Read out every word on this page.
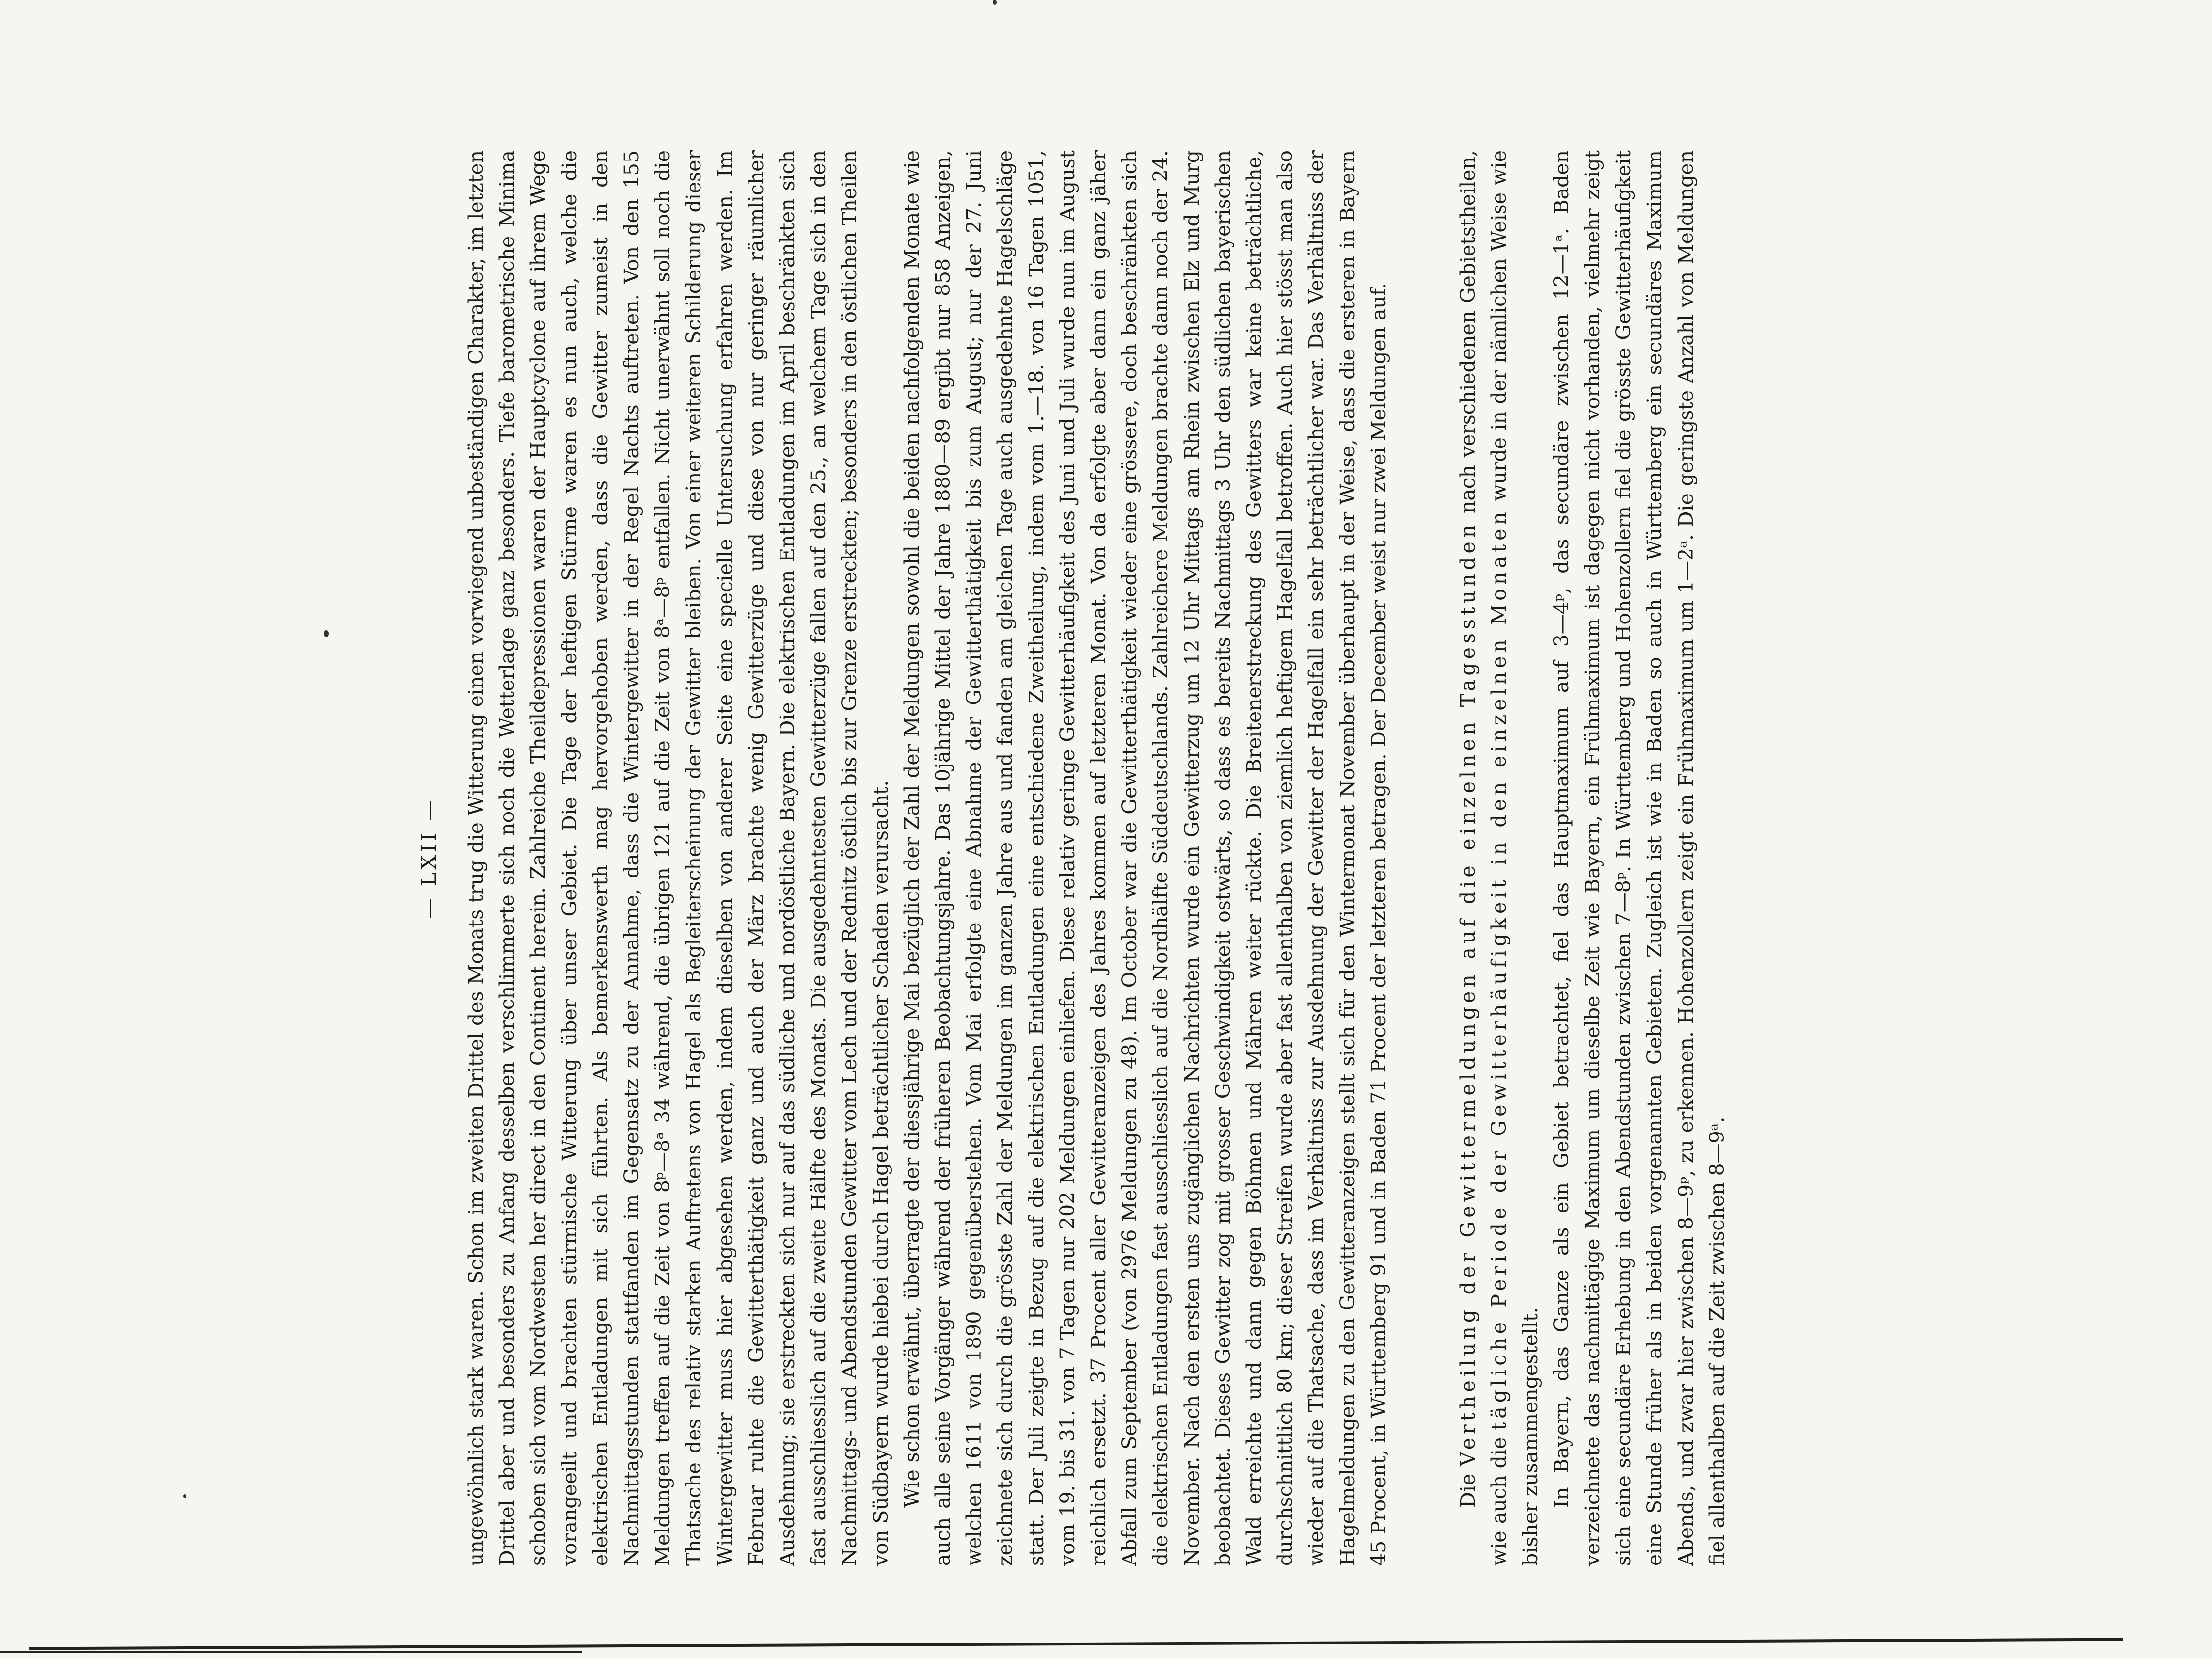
— LXII — ungewöhnlich stark waren. Schon im zweiten Drittel des Monats trug die Witterung einen vorwiegend unbeständigen Charakter, im letzten Drittel aber und besonders zu Anfang desselben verschlimmerte sich noch die Wetterlage ganz besonders. Tiefe barometrische Minima schoben sich vom Nordwesten her direct in den Continent herein. Zahlreiche Theildepressionen waren der Hauptcyclone auf ihrem Wege vorangeeilt und brachten stürmische Witterung über unser Gebiet. Die Tage der heftigen Stürme waren es nun auch, welche die elektrischen Entladungen mit sich führten. Als bemerkenswerth mag hervorgehoben werden, dass die Gewitter zumeist in den Nachmittagsstunden stattfanden im Gegensatz zu der Annahme, dass die Wintergewitter in der Regel Nachts auftreten. Von den 155 Meldungen treffen auf die Zeit von 8ᵖ—8ᵃ 34 während, die übrigen 121 auf die Zeit von 8ᵃ—8ᵖ entfallen. Nicht unerwähnt soll noch die Thatsache des relativ starken Auftretens von Hagel als Begleiterscheinung der Gewitter bleiben. Von einer weiteren Schilderung dieser Wintergewitter muss hier abgesehen werden, indem dieselben von anderer Seite eine specielle Untersuchung erfahren werden. Im Februar ruhte die Gewitterthätigkeit ganz und auch der März brachte wenig Gewitterzüge und diese von nur geringer räumlicher Ausdehnung; sie erstreckten sich nur auf das südliche und nordöstliche Bayern. Die elektrischen Entladungen im April beschränkten sich fast ausschliesslich auf die zweite Hälfte des Monats. Die ausgedehntesten Gewitterzüge fallen auf den 25., an welchem Tage sich in den Nachmittags- und Abendstunden Gewitter vom Lech und der Rednitz östlich bis zur Grenze erstreckten; besonders in den östlichen Theilen von Südbayern wurde hiebei durch Hagel beträchtlicher Schaden verursacht. Wie schon erwähnt, überragte der diessjährige Mai bezüglich der Zahl der Meldungen sowohl die beiden nachfolgenden Monate wie auch alle seine Vorgänger während der früheren Beobachtungsjahre. Das 10jährige Mittel der Jahre 1880—89 ergibt nur 858 Anzeigen, welchen 1611 von 1890 gegenüberstehen. Vom Mai erfolgte eine Abnahme der Gewitterthätigkeit bis zum August; nur der 27. Juni zeichnete sich durch die grösste Zahl der Meldungen im ganzen Jahre aus und fanden am gleichen Tage auch ausgedehnte Hagelschläge statt. Der Juli zeigte in Bezug auf die elektrischen Entladungen eine entschiedene Zweitheilung, indem vom 1.—18. von 16 Tagen 1051, vom 19. bis 31. von 7 Tagen nur 202 Meldungen einliefen. Diese relativ geringe Gewitterhäufigkeit des Juni und Juli wurde nun im August reichlich ersetzt. 37 Procent aller Gewitteranzeigen des Jahres kommen auf letzteren Monat. Von da erfolgte aber dann ein ganz jäher Abfall zum September (von 2976 Meldungen zu 48). Im October war die Gewitterthätigkeit wieder eine grössere, doch beschränkten sich die elektrischen Entladungen fast ausschliesslich auf die Nordhälfte Süddeutschlands. Zahlreichere Meldungen brachte dann noch der 24. November. Nach den ersten uns zugänglichen Nachrichten wurde ein Gewitterzug um 12 Uhr Mittags am Rhein zwischen Elz und Murg beobachtet. Dieses Gewitter zog mit grosser Geschwindigkeit ostwärts, so dass es bereits Nachmittags 3 Uhr den südlichen bayerischen Wald erreichte und dann gegen Böhmen und Mähren weiter rückte. Die Breitenerstreckung des Gewitters war keine beträchtliche, durchschnittlich 80 km; dieser Streifen wurde aber fast allenthalben von ziemlich heftigem Hagelfall betroffen. Auch hier stösst man also wieder auf die Thatsache, dass im Verhältniss zur Ausdehnung der Gewitter der Hagelfall ein sehr beträchtlicher war. Das Verhältniss der Hagelmeldungen zu den Gewitteranzeigen stellt sich für den Wintermonat November überhaupt in der Weise, dass die ersteren in Bayern 45 Procent, in Württemberg 91 und in Baden 71 Procent der letzteren betragen. Der December weist nur zwei Meldungen auf.	Die Vertheilung der Gewittermeldungen auf die einzelnen Tagesstunden nach verschiedenen Gebietstheilen, wie auch die tägliche Periode der Gewitterhäufigkeit in den einzelnen Monaten wurde in der nämlichen Weise wie bisher zusammengestellt. In Bayern, das Ganze als ein Gebiet betrachtet, fiel das Hauptmaximum auf 3—4ᵖ, das secundäre zwischen 12—1ᵃ. Baden verzeichnete das nachmittägige Maximum um dieselbe Zeit wie Bayern, ein Frühmaximum ist dagegen nicht vorhanden, vielmehr zeigt sich eine secundäre Erhebung in den Abendstunden zwischen 7—8ᵖ. In Württemberg und Hohenzollern fiel die grösste Gewitterhäufigkeit eine Stunde früher als in beiden vorgenannten Gebieten. Zugleich ist wie in Baden so auch in Württemberg ein secundäres Maximum Abends, und zwar hier zwischen 8—9ᵖ, zu erkennen. Hohenzollern zeigt ein Frühmaximum um 1—2ᵃ. Die geringste Anzahl von Meldungen fiel allenthalben auf die Zeit zwischen 8—9ᵃ.
